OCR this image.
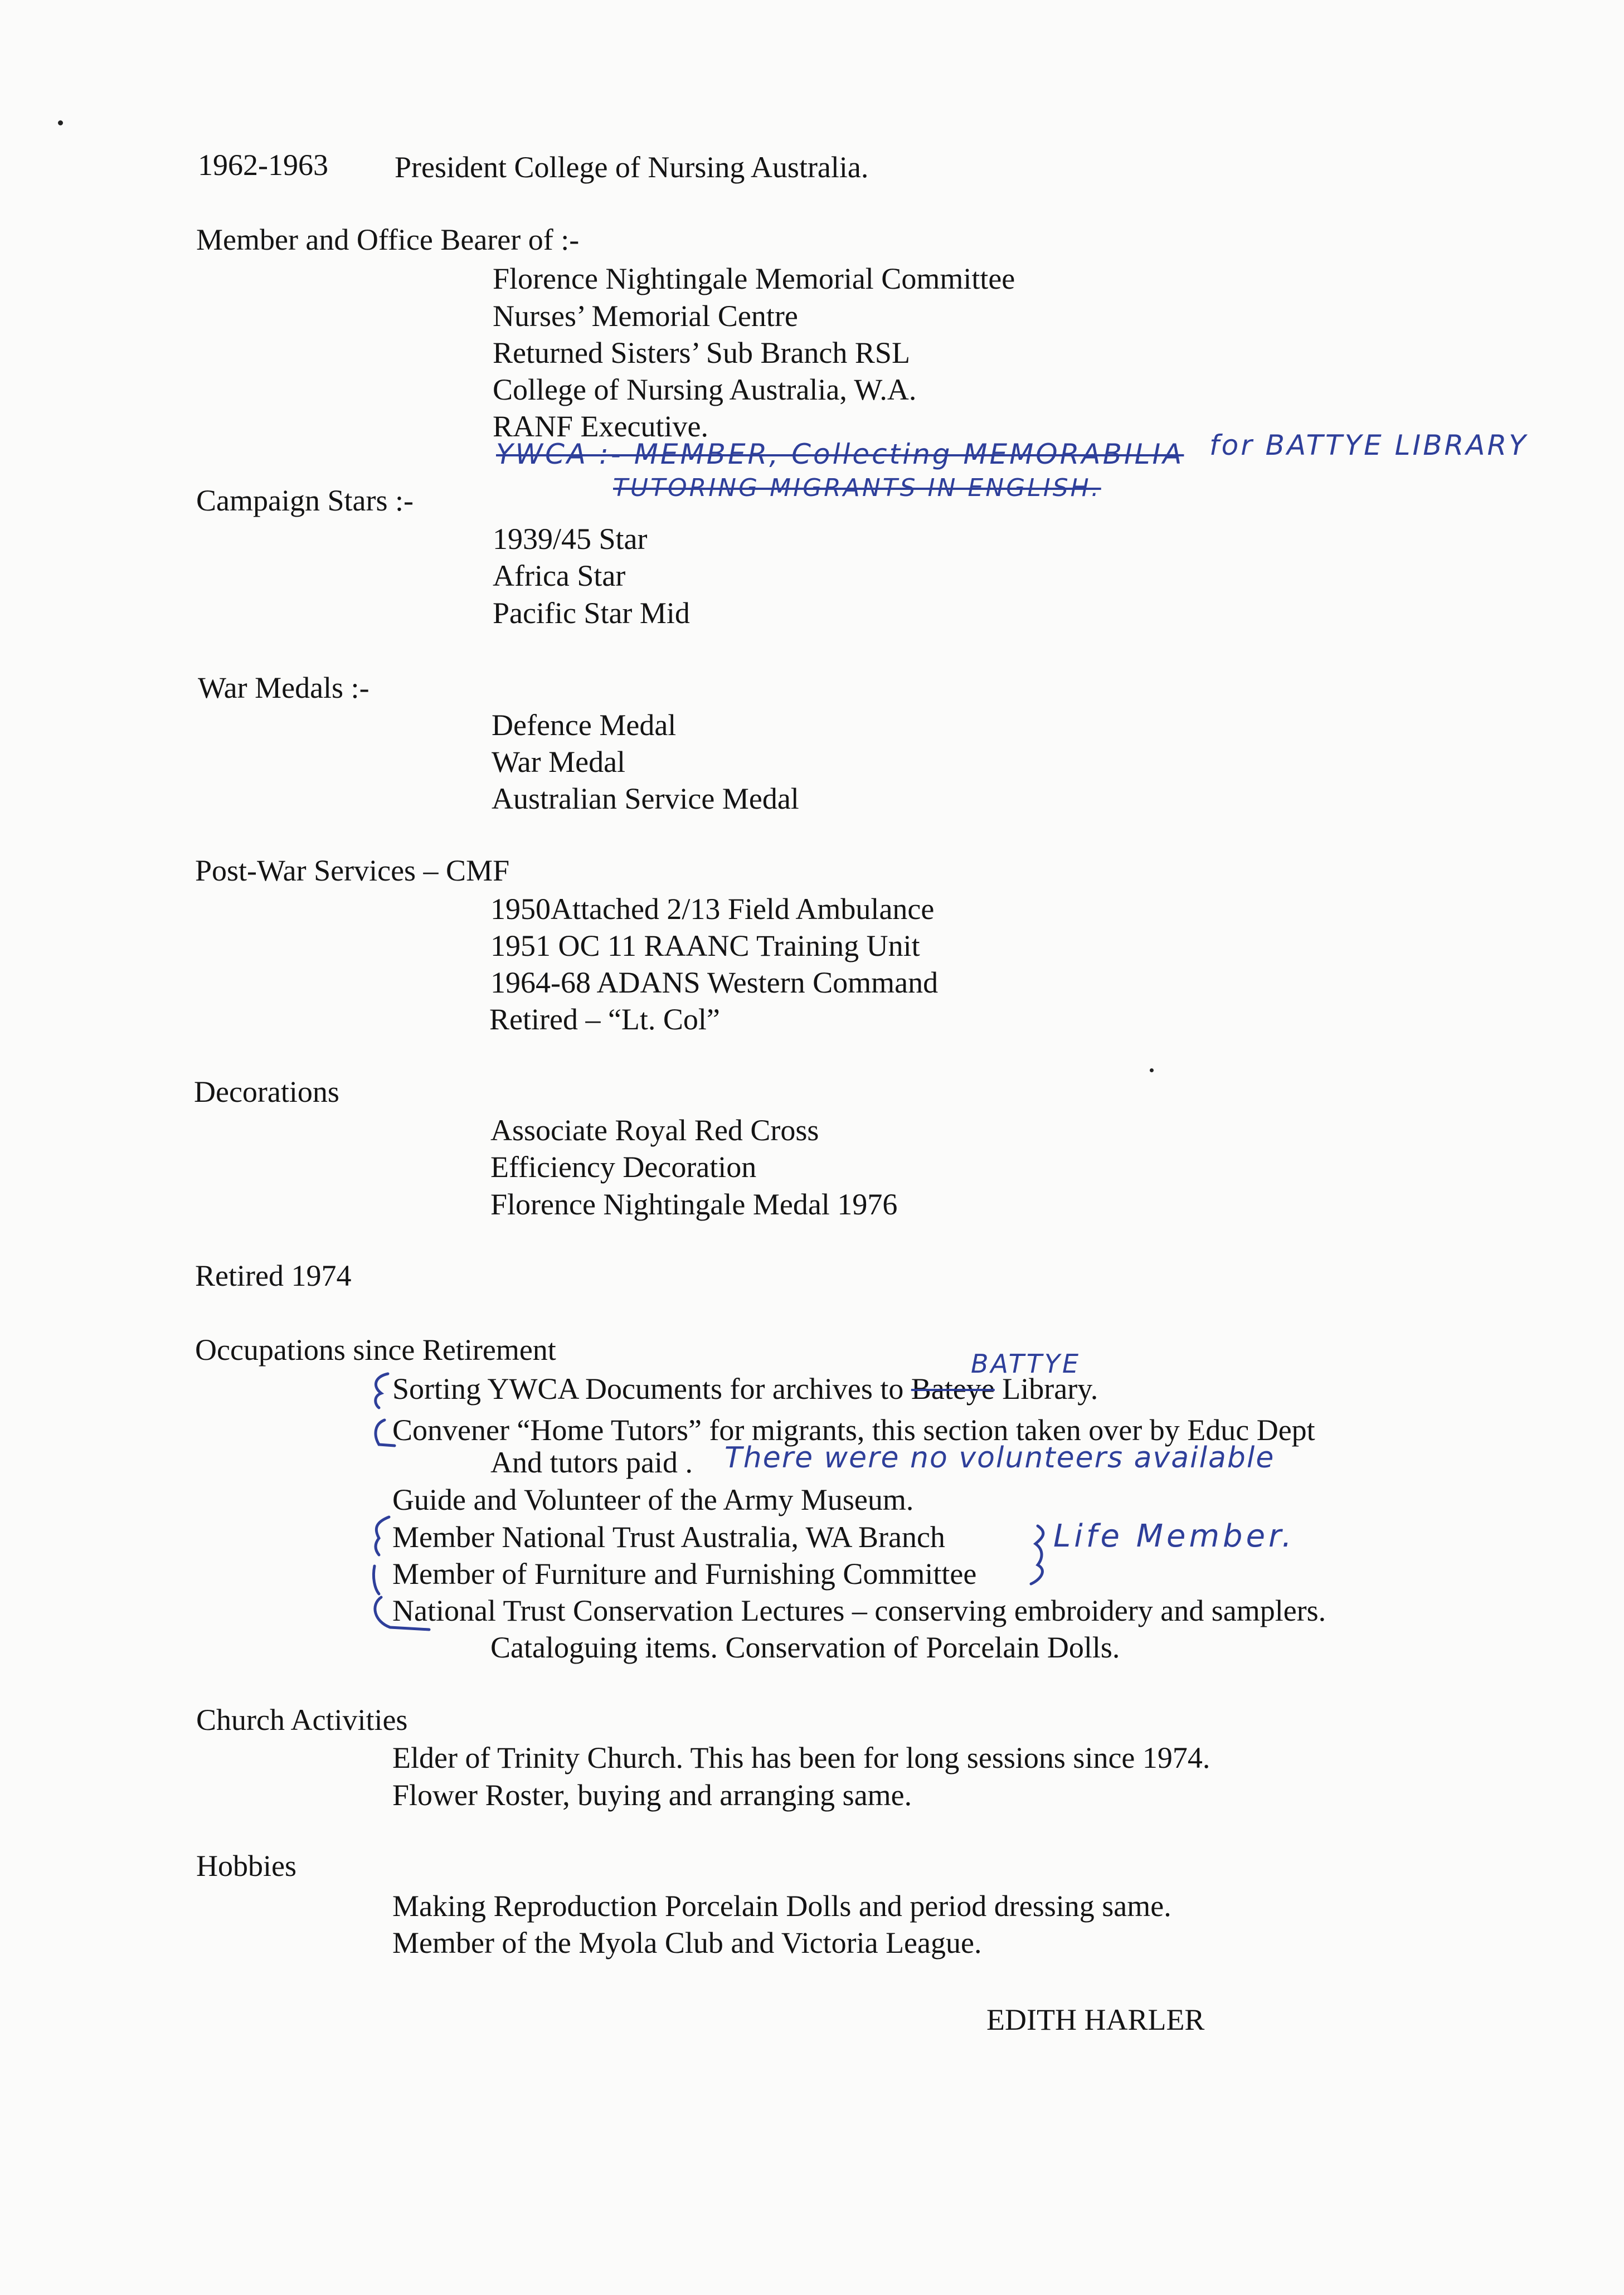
1962-1963 President College of Nursing Australia.
Member and Office Bearer of :-
Florence Nightingale Memorial Committee
Nurses’ Memorial Centre
Returned Sisters’ Sub Branch RSL
College of Nursing Australia, W.A.
RANF Executive.
YWCA :- MEMBER, Collecting MEMORABILIA for BATTYE LIBRARY
TUTORING MIGRANTS IN ENGLISH.
Campaign Stars :-
1939/45 Star
Africa Star
Pacific Star Mid
War Medals :-
Defence Medal
War Medal
Australian Service Medal
Post-War Services – CMF
1950Attached 2/13 Field Ambulance
1951 OC 11 RAANC Training Unit
1964-68 ADANS Western Command
Retired – “Lt. Col”
Decorations
Associate Royal Red Cross
Efficiency Decoration
Florence Nightingale Medal 1976
Retired 1974
Occupations since Retirement	BATTYE
Sorting YWCA Documents for archives to Bateye Library.
Convener “Home Tutors” for migrants, this section taken over by Educ Dept
And tutors paid . There were no volunteers available
Guide and Volunteer of the Army Museum.
Member National Trust Australia, WA Branch	Life Member.
Member of Furniture and Furnishing Committee
National Trust Conservation Lectures – conserving embroidery and samplers.
Cataloguing items. Conservation of Porcelain Dolls.
Church Activities
Elder of Trinity Church. This has been for long sessions since 1974.
Flower Roster, buying and arranging same.
Hobbies
Making Reproduction Porcelain Dolls and period dressing same.
Member of the Myola Club and Victoria League.
EDITH HARLER
